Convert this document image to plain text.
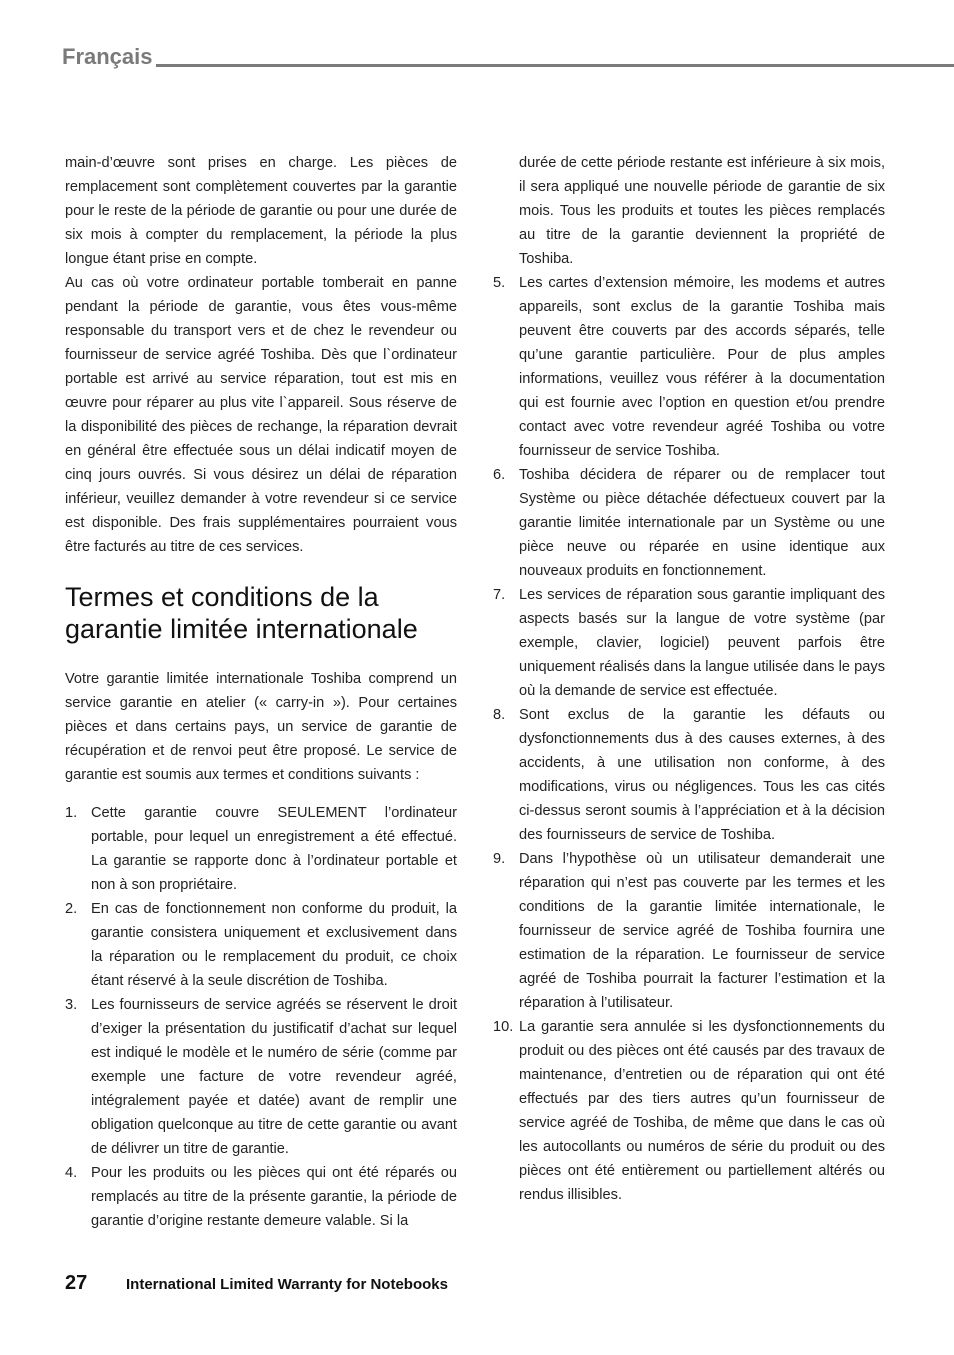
Français

main-d’œuvre sont prises en charge. Les pièces de remplacement sont complètement couvertes par la garantie pour le reste de la période de garantie ou pour une durée de six mois à compter du remplacement, la période la plus longue étant prise en compte.

Au cas où votre ordinateur portable tomberait en panne pendant la période de garantie, vous êtes vous-même responsable du transport vers et de chez le revendeur ou fournisseur de service agréé Toshiba. Dès que l`ordinateur portable est arrivé au service réparation, tout est mis en œuvre pour réparer au plus vite l`appareil. Sous réserve de la disponibilité des pièces de rechange, la réparation devrait en général être effectuée sous un délai indicatif moyen de cinq jours ouvrés. Si vous désirez un délai de réparation inférieur, veuillez demander à votre revendeur si ce service est disponible. Des frais supplémentaires pourraient vous être facturés au titre de ces services.

Termes et conditions de la garantie limitée internationale

Votre garantie limitée internationale Toshiba comprend un service garantie en atelier (« carry-in »). Pour certaines pièces et dans certains pays, un service de garantie de récupération et de renvoi peut être proposé. Le service de garantie est soumis aux termes et conditions suivants :

1. Cette garantie couvre SEULEMENT l’ordinateur portable, pour lequel un enregistrement a été effectué. La garantie se rapporte donc à l’ordinateur portable et non à son propriétaire.
2. En cas de fonctionnement non conforme du produit, la garantie consistera uniquement et exclusivement dans la réparation ou le remplacement du produit, ce choix étant réservé à la seule discrétion de Toshiba.
3. Les fournisseurs de service agréés se réservent le droit d’exiger la présentation du justificatif d’achat sur lequel est indiqué le modèle et le numéro de série (comme par exemple une facture de votre revendeur agréé, intégralement payée et datée) avant de remplir une obligation quelconque au titre de cette garantie ou avant de délivrer un titre de garantie.
4. Pour les produits ou les pièces qui ont été réparés ou remplacés au titre de la présente garantie, la période de garantie d’origine restante demeure valable. Si la
durée de cette période restante est inférieure à six mois, il sera appliqué une nouvelle période de garantie de six mois. Tous les produits et toutes les pièces remplacés au titre de la garantie deviennent la propriété de Toshiba.
5. Les cartes d’extension mémoire, les modems et autres appareils, sont exclus de la garantie Toshiba mais peuvent être couverts par des accords séparés, telle qu’une garantie particulière. Pour de plus amples informations, veuillez vous référer à la documentation qui est fournie avec l’option en question et/ou prendre contact avec votre revendeur agréé Toshiba ou votre fournisseur de service Toshiba.
6. Toshiba décidera de réparer ou de remplacer tout Système ou pièce détachée défectueux couvert par la garantie limitée internationale par un Système ou une pièce neuve ou réparée en usine identique aux nouveaux produits en fonctionnement.
7. Les services de réparation sous garantie impliquant des aspects basés sur la langue de votre système (par exemple, clavier, logiciel) peuvent parfois être uniquement réalisés dans la langue utilisée dans le pays où la demande de service est effectuée.
8. Sont exclus de la garantie les défauts ou dysfonctionnements dus à des causes externes, à des accidents, à une utilisation non conforme, à des modifications, virus ou négligences. Tous les cas cités ci-dessus seront soumis à l’appréciation et à la décision des fournisseurs de service de Toshiba.
9. Dans l’hypothèse où un utilisateur demanderait une réparation qui n’est pas couverte par les termes et les conditions de la garantie limitée internationale, le fournisseur de service agréé de Toshiba fournira une estimation de la réparation. Le fournisseur de service agréé de Toshiba pourrait la facturer l’estimation et la réparation à l’utilisateur.
10. La garantie sera annulée si les dysfonctionnements du produit ou des pièces ont été causés par des travaux de maintenance, d’entretien ou de réparation qui ont été effectués par des tiers autres qu’un fournisseur de service agréé de Toshiba, de même que dans le cas où les autocollants ou numéros de série du produit ou des pièces ont été entièrement ou partiellement altérés ou rendus illisibles.
27	International Limited Warranty for Notebooks
